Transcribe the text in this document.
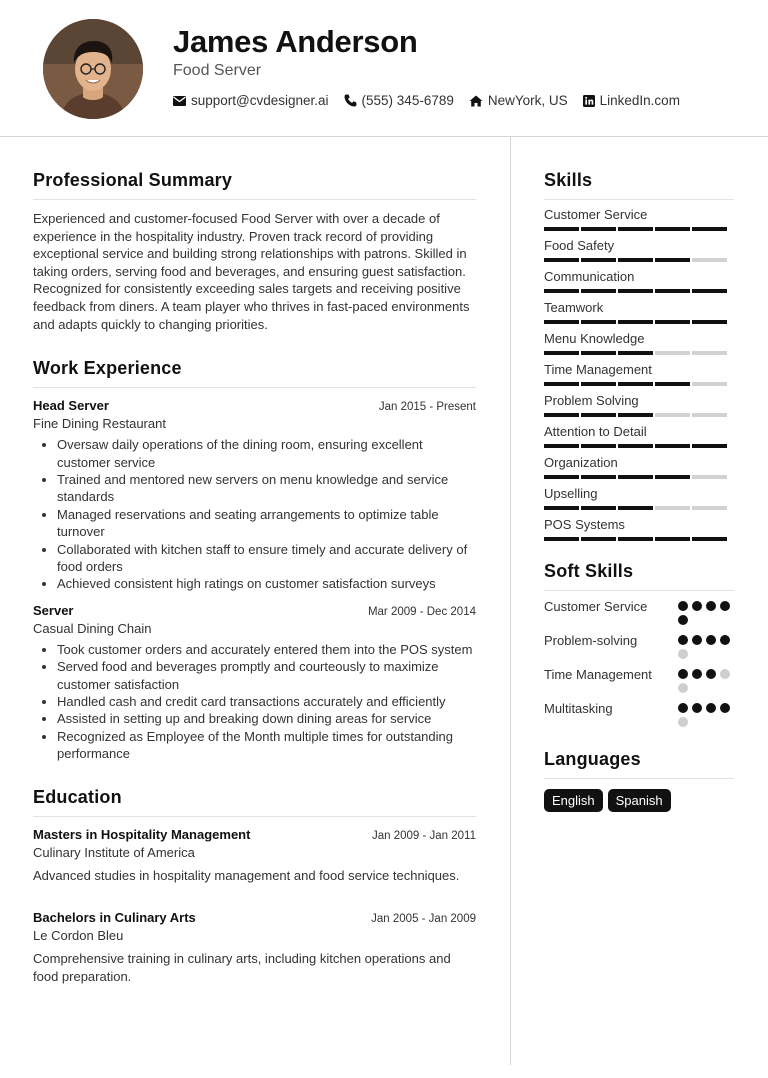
James Anderson
Food Server
support@cvdesigner.ai (555) 345-6789	NewYork, US LinkedIn.com
Professional Summary

Experienced and customer-focused Food Server with over a decade of experience in the hospitality industry. Proven track record of providing exceptional service and building strong relationships with patrons. Skilled in taking orders, serving food and beverages, and ensuring guest satisfaction. Recognized for consistently exceeding sales targets and receiving positive feedback from diners. A team player who thrives in fast-paced environments and adapts quickly to changing priorities.

Work Experience
Head Server	Jan 2015 - Present
Fine Dining Restaurant
• Oversaw daily operations of the dining room, ensuring excellent customer service
• Trained and mentored new servers on menu knowledge and service standards
• Managed reservations and seating arrangements to optimize table turnover
• Collaborated with kitchen staff to ensure timely and accurate delivery of food orders
• Achieved consistent high ratings on customer satisfaction surveys
Server	Mar 2009 - Dec 2014
Casual Dining Chain
• Took customer orders and accurately entered them into the POS system
• Served food and beverages promptly and courteously to maximize customer satisfaction
• Handled cash and credit card transactions accurately and efficiently
• Assisted in setting up and breaking down dining areas for service
• Recognized as Employee of the Month multiple times for outstanding performance
Education
Masters in Hospitality Management	Jan 2009 - Jan 2011
Culinary Institute of America

Advanced studies in hospitality management and food service techniques.

Bachelors in Culinary Arts	Jan 2005 - Jan 2009
Le Cordon Bleu

Comprehensive training in culinary arts, including kitchen operations and food preparation.

Skills
Customer Service
Food Safety
Communication
Teamwork
Menu Knowledge
Time Management
Problem Solving
Attention to Detail
Organization
Upselling
POS Systems
Soft Skills
Customer Service
Problem-solving
Time Management
Multitasking
Languages
English	Spanish
